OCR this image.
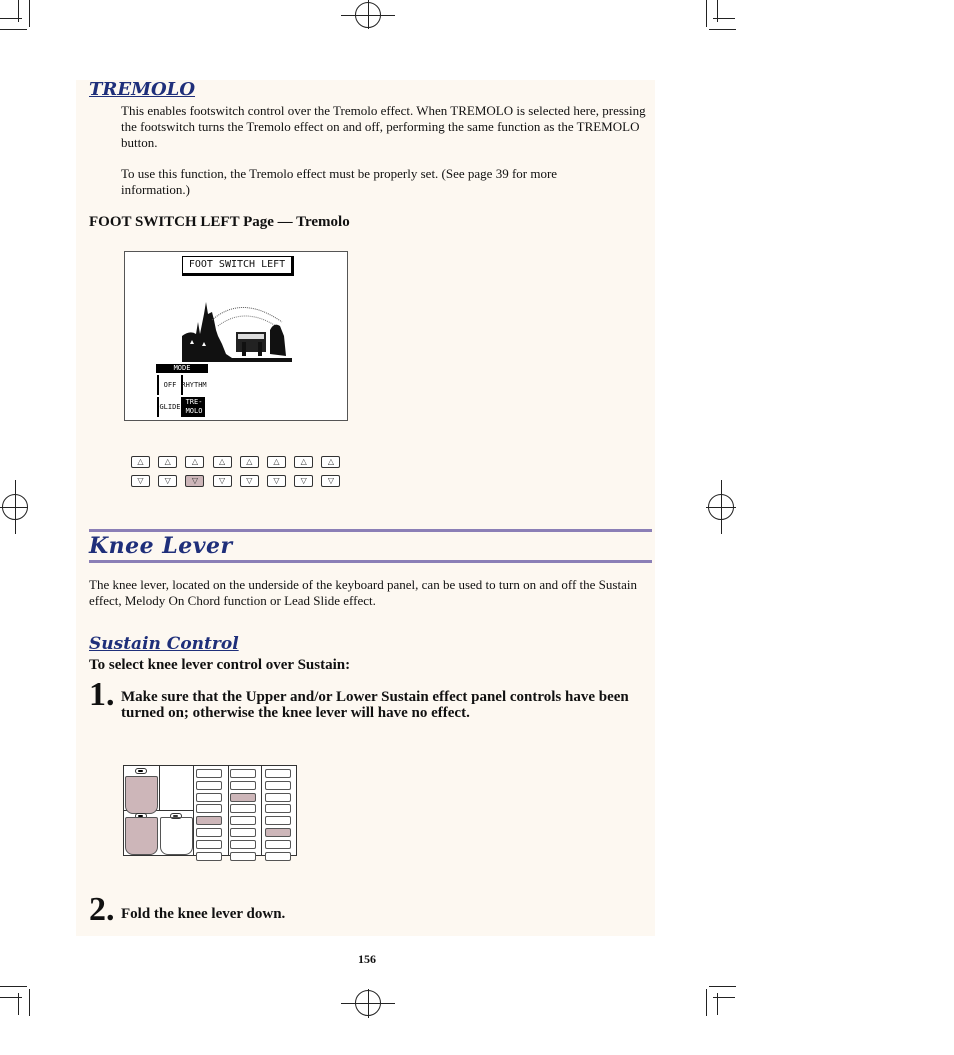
TREMOLO
This enables footswitch control over the Tremolo effect. When TREMOLO is selected here, pressing the footswitch turns the Tremolo effect on and off, performing the same function as the TREMOLO button.
To use this function, the Tremolo effect must be properly set. (See page 39 for more information.)
FOOT SWITCH LEFT Page — Tremolo
FOOT SWITCH LEFT
MODE
OFF RHYTHM
GLIDE
TRE-
MOLO
△	△	△	△	△	△	△	△
▽	▽	▽	▽	▽	▽	▽	▽
Knee Lever
The knee lever, located on the underside of the keyboard panel, can be used to turn on and off the Sustain effect, Melody On Chord function or Lead Slide effect.
Sustain Control
To select knee lever control over Sustain:
1. Make sure that the Upper and/or Lower Sustain effect panel controls have been turned on; otherwise the knee lever will have no effect.
2. Fold the knee lever down.
156
